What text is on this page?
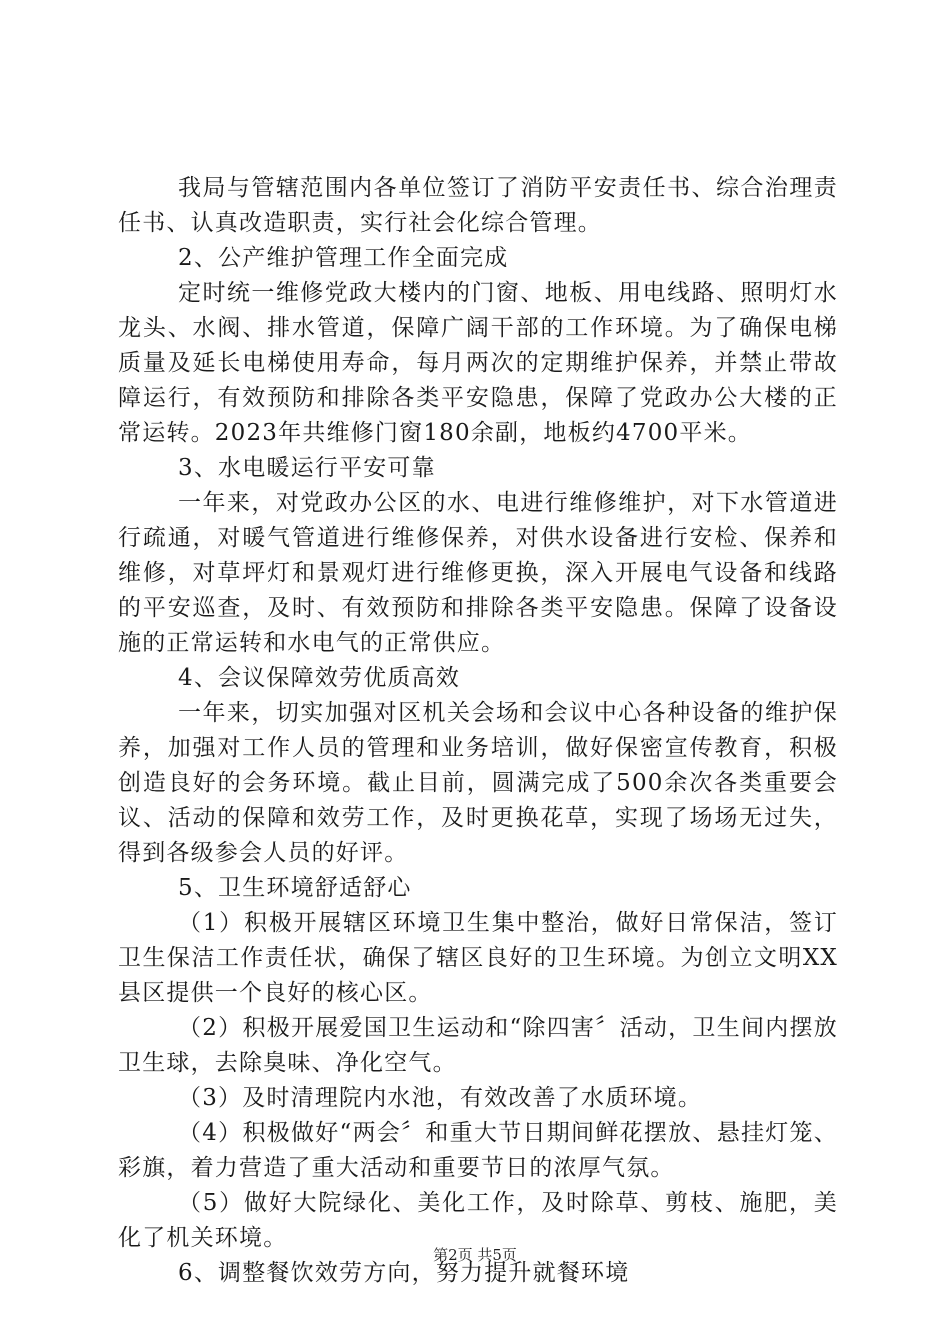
我局与管辖范围内各单位签订了消防平安责任书、综合治理责任书、认真改造职责，实行社会化综合管理。

2、公产维护管理工作全面完成

定时统一维修党政大楼内的门窗、地板、用电线路、照明灯水龙头、水阀、排水管道，保障广阔干部的工作环境。为了确保电梯质量及延长电梯使用寿命，每月两次的定期维护保养，并禁止带故障运行，有效预防和排除各类平安隐患，保障了党政办公大楼的正常运转。2023年共维修门窗180余副，地板约4700平米。

3、水电暖运行平安可靠

一年来，对党政办公区的水、电进行维修维护，对下水管道进行疏通，对暖气管道进行维修保养，对供水设备进行安检、保养和维修，对草坪灯和景观灯进行维修更换，深入开展电气设备和线路的平安巡查，及时、有效预防和排除各类平安隐患。保障了设备设施的正常运转和水电气的正常供应。

4、会议保障效劳优质高效

一年来，切实加强对区机关会场和会议中心各种设备的维护保养，加强对工作人员的管理和业务培训，做好保密宣传教育，积极创造良好的会务环境。截止目前，圆满完成了500余次各类重要会议、活动的保障和效劳工作，及时更换花草，实现了场场无过失，得到各级参会人员的好评。

5、卫生环境舒适舒心

（1）积极开展辖区环境卫生集中整治，做好日常保洁，签订卫生保洁工作责任状，确保了辖区良好的卫生环境。为创立文明XX县区提供一个良好的核心区。

（2）积极开展爱国卫生运动和“除四害〞活动，卫生间内摆放卫生球，去除臭味、净化空气。

（3）及时清理院内水池，有效改善了水质环境。

（4）积极做好“两会〞和重大节日期间鲜花摆放、悬挂灯笼、彩旗，着力营造了重大活动和重要节日的浓厚气氛。

（5）做好大院绿化、美化工作，及时除草、剪枝、施肥，美化了机关环境。

6、调整餐饮效劳方向，努力提升就餐环境

第2页 共5页
